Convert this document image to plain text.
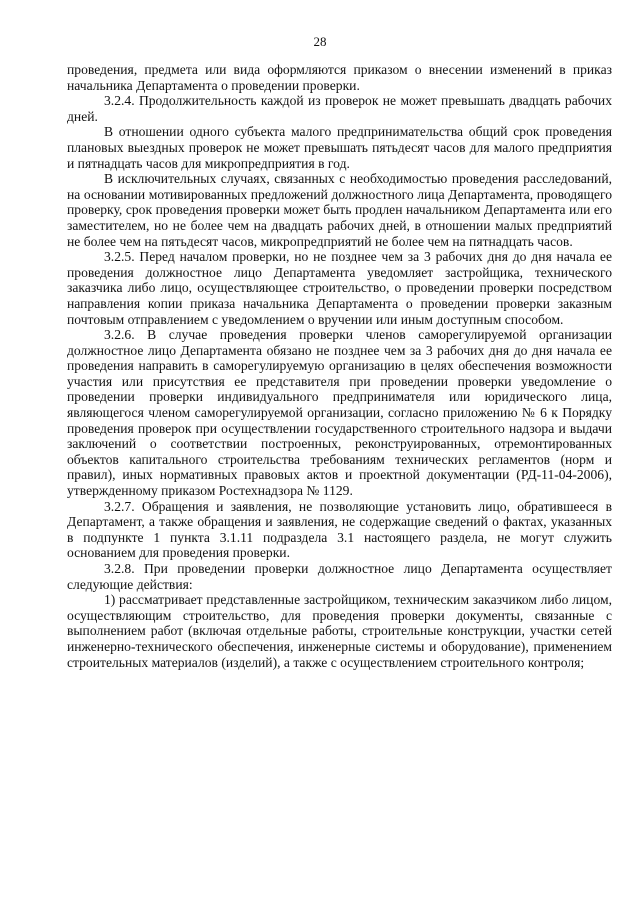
28

проведения, предмета или вида оформляются приказом о внесении изменений в приказ начальника Департамента о проведении проверки.

3.2.4. Продолжительность каждой из проверок не может превышать двадцать рабочих дней.

В отношении одного субъекта малого предпринимательства общий срок проведения плановых выездных проверок не может превышать пятьдесят часов для малого предприятия и пятнадцать часов для микропредприятия в год.

В исключительных случаях, связанных с необходимостью проведения расследований, на основании мотивированных предложений должностного лица Департамента, проводящего проверку, срок проведения проверки может быть продлен начальником Департамента или его заместителем, но не более чем на двадцать рабочих дней, в отношении малых предприятий не более чем на пятьдесят часов, микропредприятий не более чем на пятнадцать часов.

3.2.5. Перед началом проверки, но не позднее чем за 3 рабочих дня до дня начала ее проведения должностное лицо Департамента уведомляет застройщика, технического заказчика либо лицо, осуществляющее строительство, о проведении проверки посредством направления копии приказа начальника Департамента о проведении проверки заказным почтовым отправлением с уведомлением о вручении или иным доступным способом.

3.2.6. В случае проведения проверки членов саморегулируемой организации должностное лицо Департамента обязано не позднее чем за 3 рабочих дня до дня начала ее проведения направить в саморегулируемую организацию в целях обеспечения возможности участия или присутствия ее представителя при проведении проверки уведомление о проведении проверки индивидуального предпринимателя или юридического лица, являющегося членом саморегулируемой организации, согласно приложению № 6 к Порядку проведения проверок при осуществлении государственного строительного надзора и выдачи заключений о соответствии построенных, реконструированных, отремонтированных объектов капитального строительства требованиям технических регламентов (норм и правил), иных нормативных правовых актов и проектной документации (РД-11-04-2006), утвержденному приказом Ростехнадзора № 1129.

3.2.7. Обращения и заявления, не позволяющие установить лицо, обратившееся в Департамент, а также обращения и заявления, не содержащие сведений о фактах, указанных в подпункте 1 пункта 3.1.11 подраздела 3.1 настоящего раздела, не могут служить основанием для проведения проверки.

3.2.8. При проведении проверки должностное лицо Департамента осуществляет следующие действия:

1) рассматривает представленные застройщиком, техническим заказчиком либо лицом, осуществляющим строительство, для проведения проверки документы, связанные с выполнением работ (включая отдельные работы, строительные конструкции, участки сетей инженерно-технического обеспечения, инженерные системы и оборудование), применением строительных материалов (изделий), а также с осуществлением строительного контроля;
